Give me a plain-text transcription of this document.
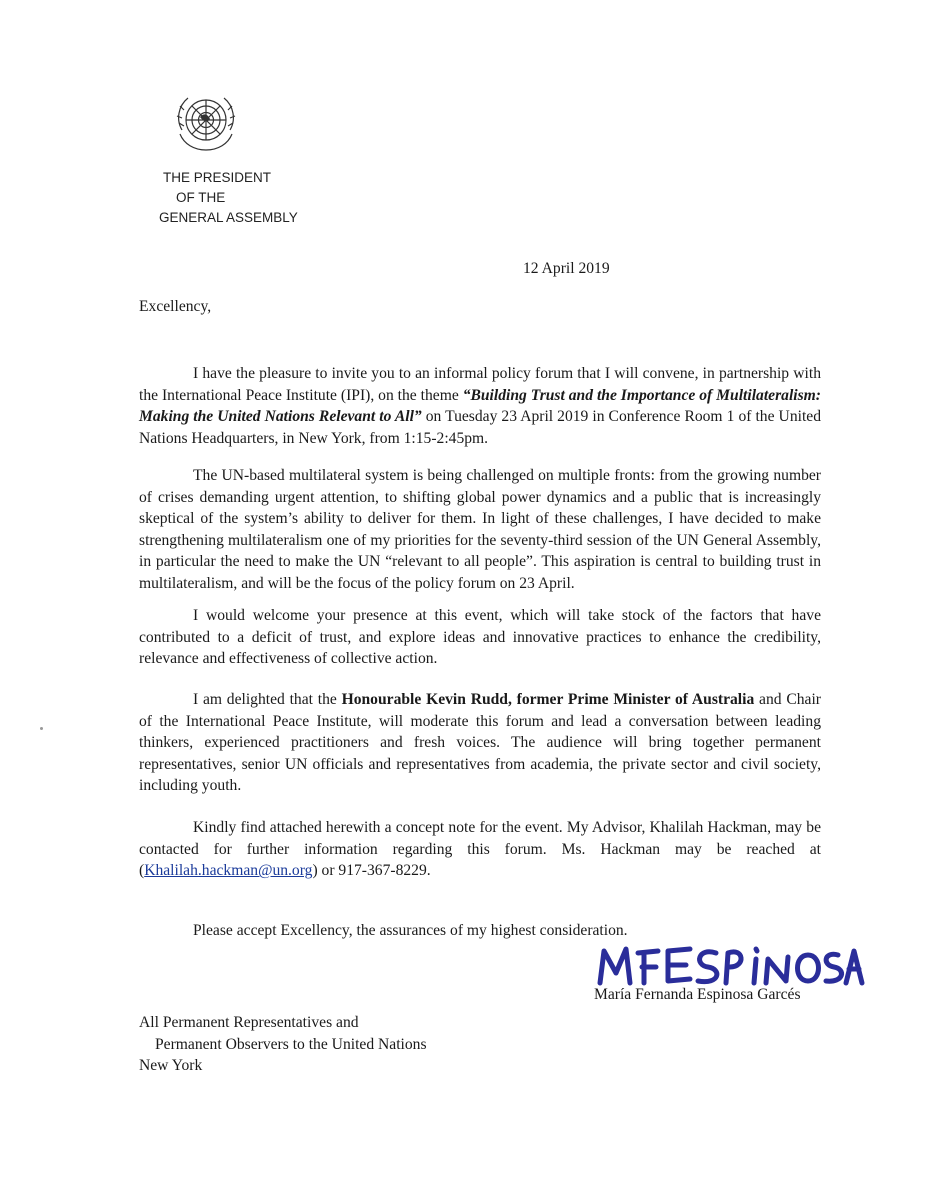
THE PRESIDENT
OF THE
GENERAL ASSEMBLY
12 April 2019
Excellency,
I have the pleasure to invite you to an informal policy forum that I will convene, in partnership with the International Peace Institute (IPI), on the theme “Building Trust and the Importance of Multilateralism: Making the United Nations Relevant to All” on Tuesday 23 April 2019 in Conference Room 1 of the United Nations Headquarters, in New York, from 1:15-2:45pm.
The UN-based multilateral system is being challenged on multiple fronts: from the growing number of crises demanding urgent attention, to shifting global power dynamics and a public that is increasingly skeptical of the system’s ability to deliver for them. In light of these challenges, I have decided to make strengthening multilateralism one of my priorities for the seventy-third session of the UN General Assembly, in particular the need to make the UN “relevant to all people”. This aspiration is central to building trust in multilateralism, and will be the focus of the policy forum on 23 April.
I would welcome your presence at this event, which will take stock of the factors that have contributed to a deficit of trust, and explore ideas and innovative practices to enhance the credibility, relevance and effectiveness of collective action.
I am delighted that the Honourable Kevin Rudd, former Prime Minister of Australia and Chair of the International Peace Institute, will moderate this forum and lead a conversation between leading thinkers, experienced practitioners and fresh voices. The audience will bring together permanent representatives, senior UN officials and representatives from academia, the private sector and civil society, including youth.
Kindly find attached herewith a concept note for the event. My Advisor, Khalilah Hackman, may be contacted for further information regarding this forum. Ms. Hackman may be reached at (Khalilah.hackman@un.org) or 917-367-8229.
Please accept Excellency, the assurances of my highest consideration.
María Fernanda Espinosa Garcés
All Permanent Representatives and
Permanent Observers to the United Nations
New York
